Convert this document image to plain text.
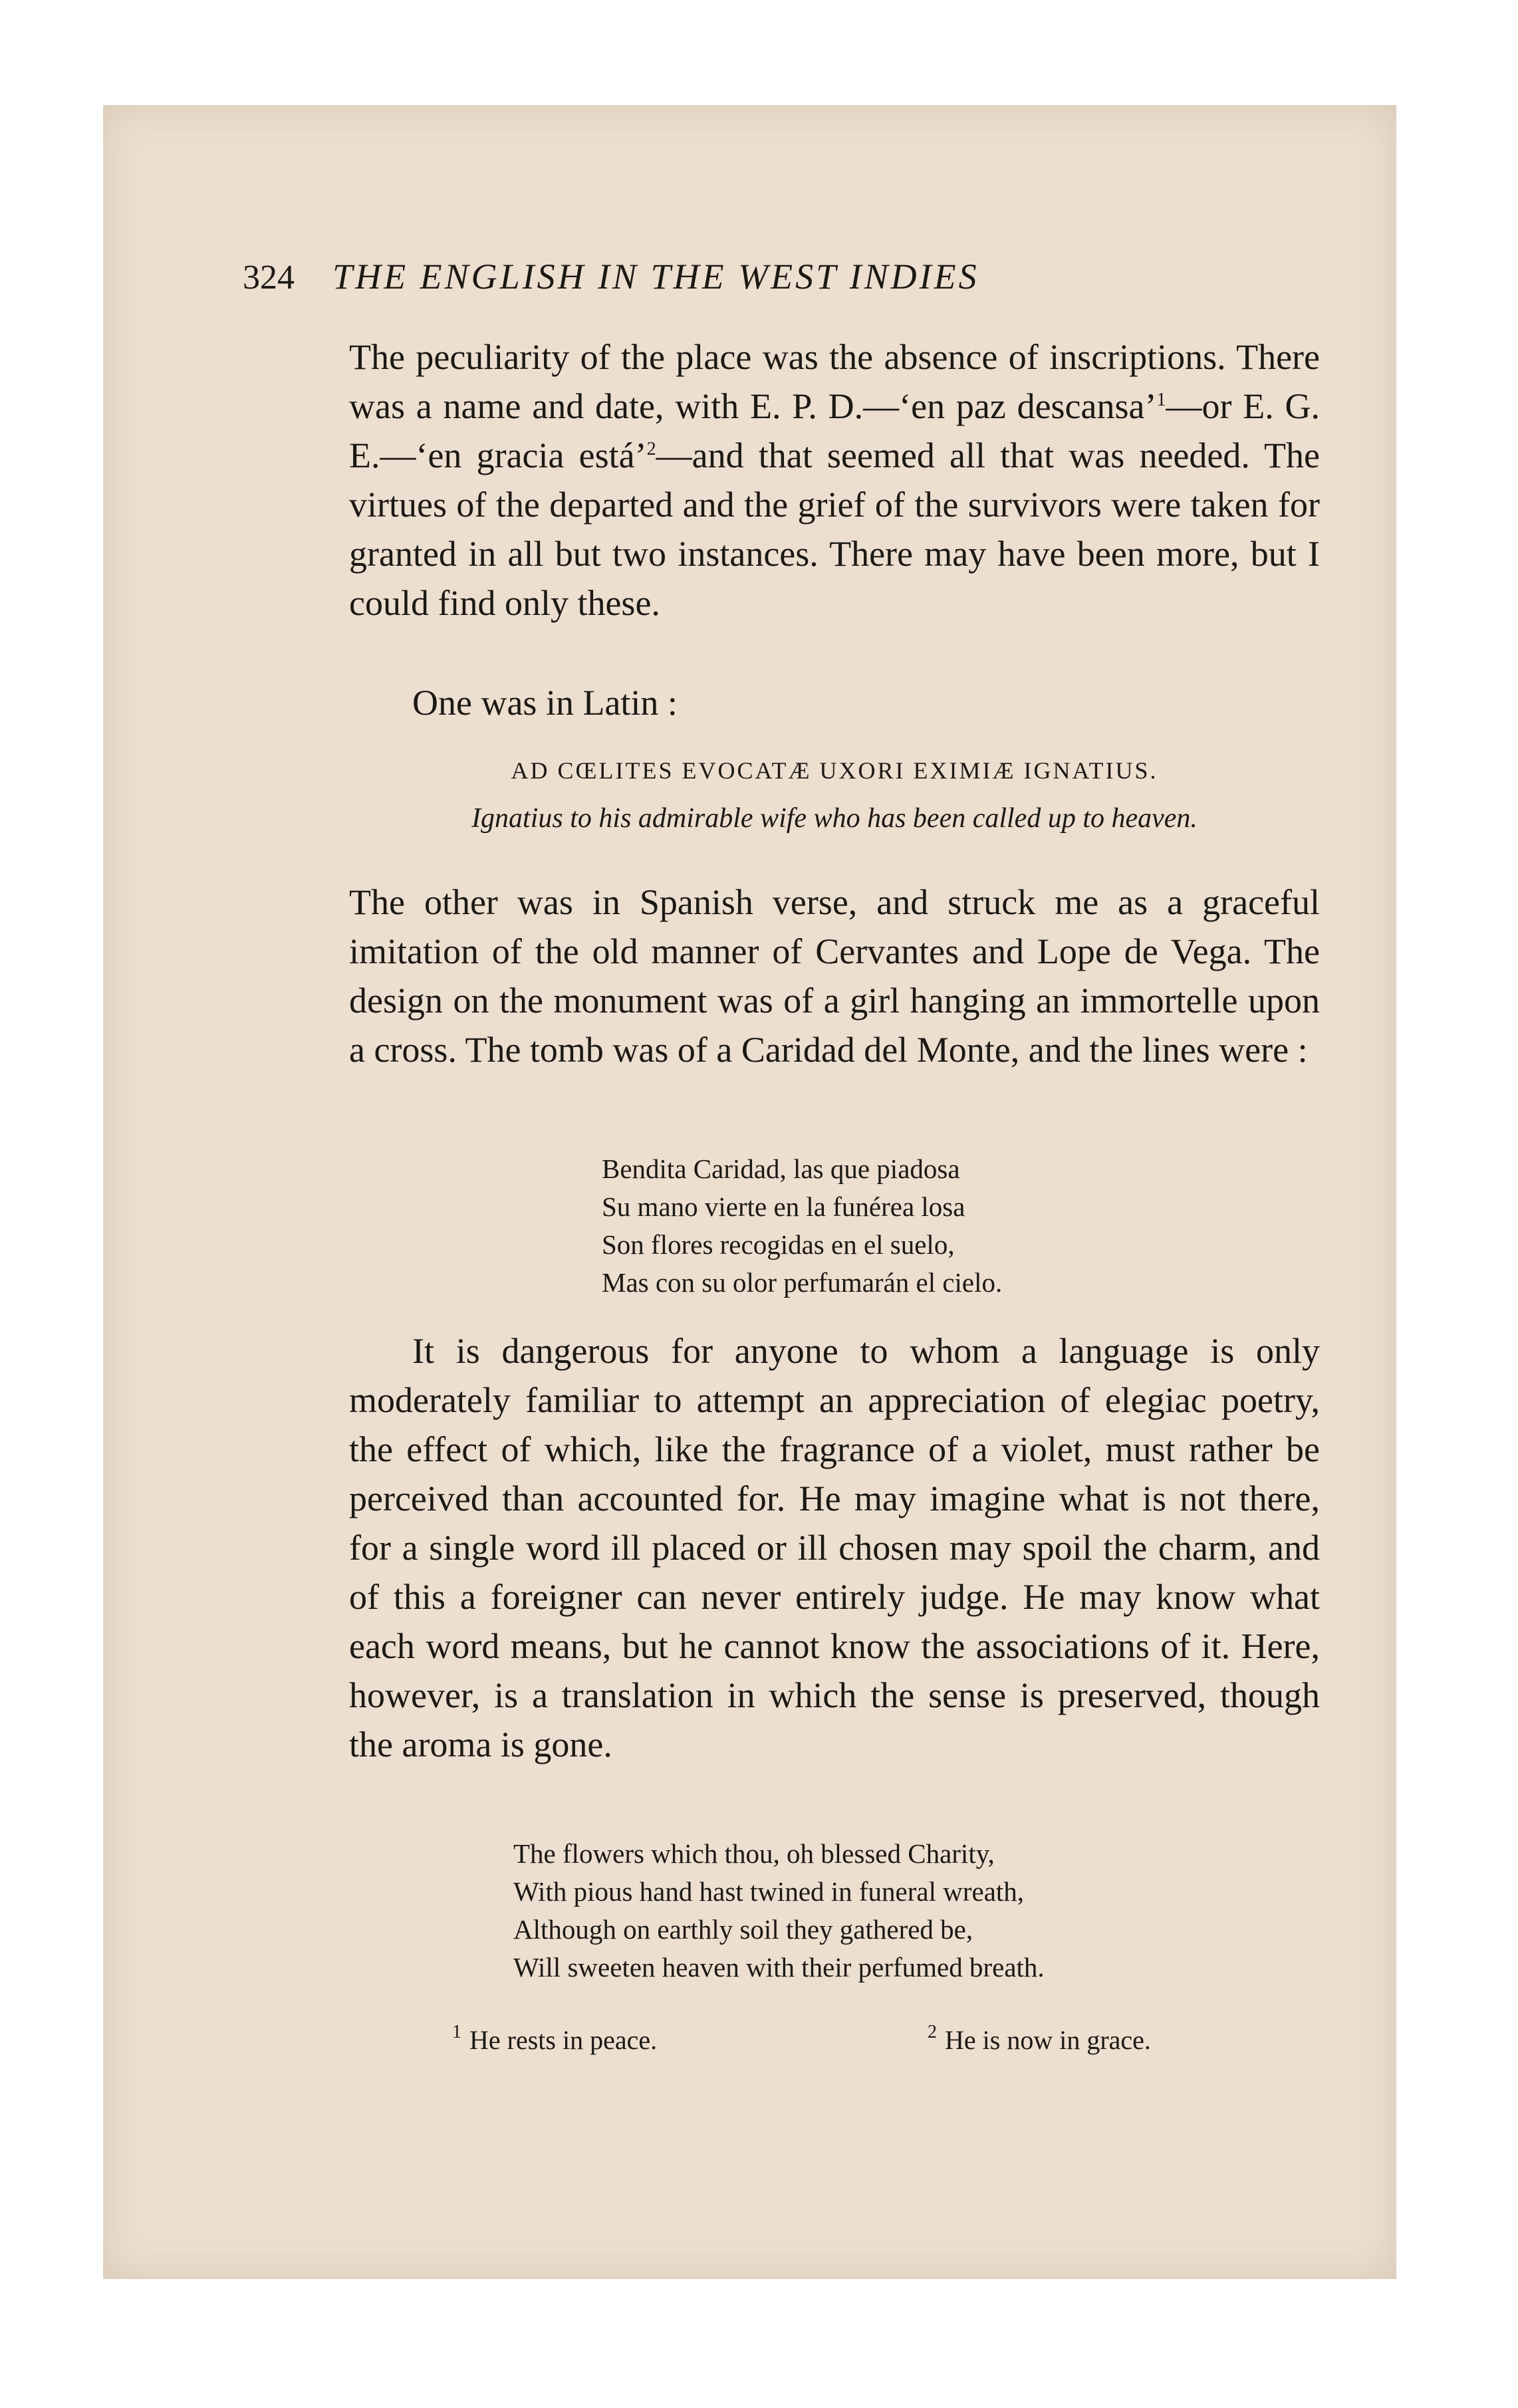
324 THE ENGLISH IN THE WEST INDIES
The peculiarity of the place was the absence of inscriptions. There was a name and date, with E. P. D.—‘en paz descansa’$^1$—or E. G. E.—‘en gracia está’$^2$—and that seemed all that was needed. The virtues of the departed and the grief of the survivors were taken for granted in all but two instances. There may have been more, but I could find only these.
One was in Latin :
AD CŒLITES EVOCATÆ UXORI EXIMIÆ IGNATIUS.
Ignatius to his admirable wife who has been called up to heaven.
The other was in Spanish verse, and struck me as a graceful imitation of the old manner of Cervantes and Lope de Vega. The design on the monument was of a girl hanging an immortelle upon a cross. The tomb was of a Caridad del Monte, and the lines were :
Bendita Caridad, las que piadosa
Su mano vierte en la funérea losa
Son flores recogidas en el suelo,
Mas con su olor perfumarán el cielo.
It is dangerous for anyone to whom a language is only moderately familiar to attempt an appreciation of elegiac poetry, the effect of which, like the fragrance of a violet, must rather be perceived than accounted for. He may imagine what is not there, for a single word ill placed or ill chosen may spoil the charm, and of this a foreigner can never entirely judge. He may know what each word means, but he cannot know the associations of it. Here, however, is a translation in which the sense is preserved, though the aroma is gone.
The flowers which thou, oh blessed Charity,
With pious hand hast twined in funeral wreath,
Although on earthly soil they gathered be,
Will sweeten heaven with their perfumed breath.
$^1$ He rests in peace.	$^2$ He is now in grace.
